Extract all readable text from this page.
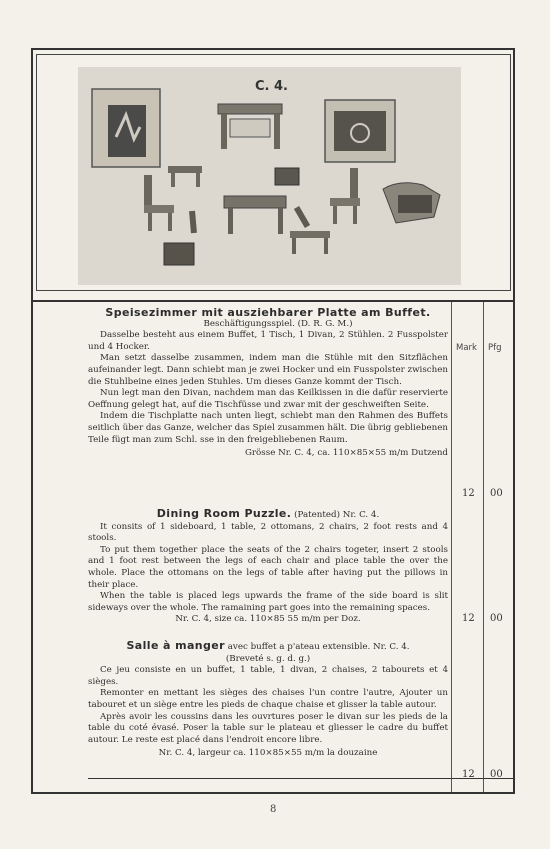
C. 4.
Mark Pfg
Speisezimmer mit ausziehbarer Platte am Buffet.
Beschäftigungsspiel. (D. R. G. M.)
Dasselbe besteht aus einem Buffet, 1 Tisch, 1 Divan, 2 Stühlen. 2 Fusspolster und 4 Hocker.
Man setzt dasselbe zusammen, indem man die Stühle mit den Sitzflächen aufeinander legt. Dann schiebt man je zwei Hocker und ein Fusspolster zwischen die Stuhlbeine eines jeden Stuhles. Um dieses Ganze kommt der Tisch.
Nun legt man den Divan, nachdem man das Keilkissen in die dafür reservierte Oeffnung gelegt hat, auf die Tischfüsse und zwar mit der geschweiften Seite.
Indem die Tischplatte nach unten liegt, schiebt man den Rahmen des Buffets seitlich über das Ganze, welcher das Spiel zusammen hält. Die übrig gebliebenen Teile fügt man zum Schl. sse in den freigebliebenen Raum.
Grösse Nr. C. 4, ca. 110×85×55 m/m Dutzend
12 00
Dining Room Puzzle. (Patented) Nr. C. 4.
It consits of 1 sideboard, 1 table, 2 ottomans, 2 chairs, 2 foot rests and 4 stools.
To put them together place the seats of the 2 chairs togeter, insert 2 stools and 1 foot rest between the legs of each chair and place table the over the whole. Place the ottomans on the legs of table after having put the pillows in their place.
When the table is placed legs upwards the frame of the side board is slit sideways over the whole. The ramaining part goes into the remaining spaces.
Nr. C. 4, size ca. 110×85 55 m/m per Doz.	12 00
Salle à manger avec buffet a p'ateau extensible. Nr. C. 4.
(Breveté s. g. d. g.)
Ce jeu consiste en un buffet, 1 table, 1 divan, 2 chaises, 2 tabourets et 4 sièges.
Remonter en mettant les sièges des chaises l'un contre l'autre, Ajouter un tabouret et un siège entre les pieds de chaque chaise et glisser la table autour.
Après avoir les coussins dans les ouvrtures poser le divan sur les pieds de la table du coté évasé. Poser la table sur le plateau et gliesser le cadre du buffet autour. Le reste est placé dans l'endroit encore libre.
Nr. C. 4, largeur ca. 110×85×55 m/m la douzaine
12 00
8
